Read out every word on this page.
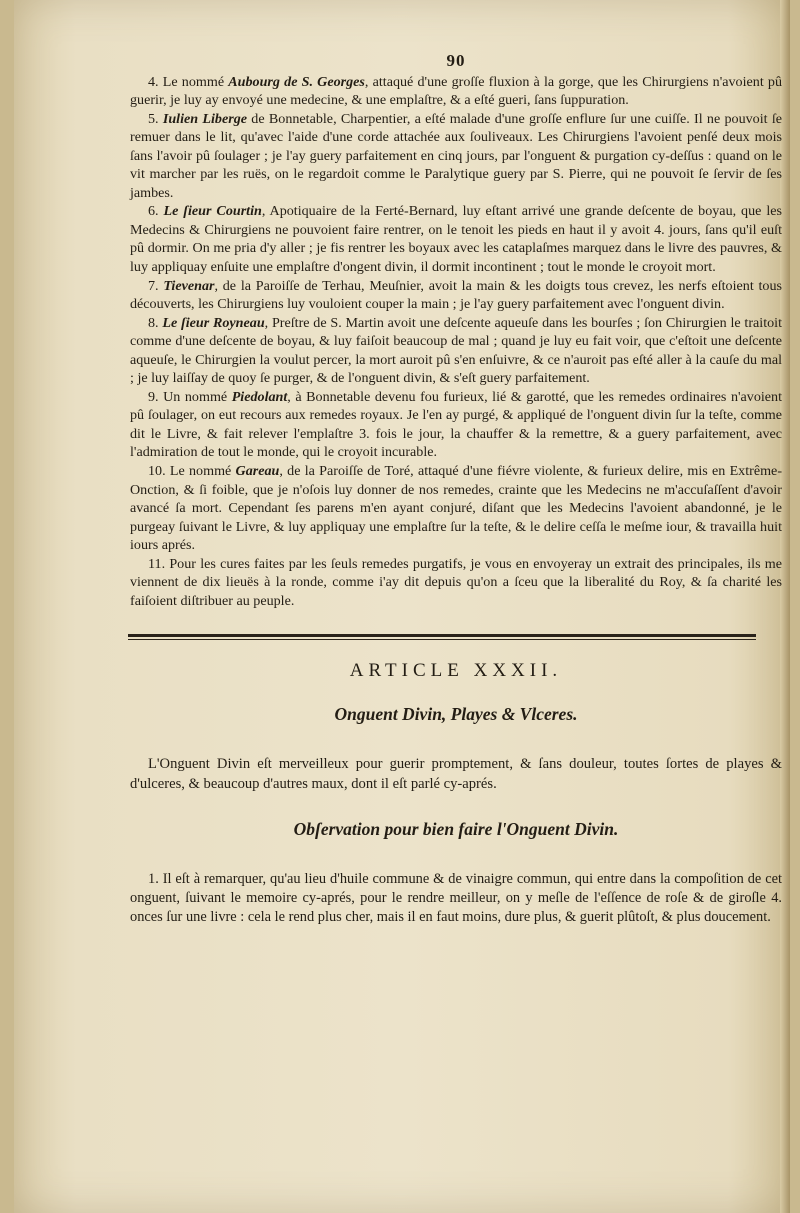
90

4. Le nommé Aubourg de S. Georges, attaqué d'une groſſe fluxion à la gorge, que les Chirurgiens n'avoient pû guerir, je luy ay envoyé une medecine, & une emplaſtre, & a eſté gueri, ſans ſuppuration.

5. Iulien Liberge de Bonnetable, Charpentier, a eſté malade d'une groſſe enflure ſur une cuiſſe. Il ne pouvoit ſe remuer dans le lit, qu'avec l'aide d'une corde attachée aux ſouliveaux. Les Chirurgiens l'avoient penſé deux mois ſans l'avoir pû ſoulager ; je l'ay guery parfaitement en cinq jours, par l'onguent & purgation cy-deſſus : quand on le vit marcher par les ruës, on le regardoit comme le Paralytique guery par S. Pierre, qui ne pouvoit ſe ſervir de ſes jambes.

6. Le ſieur Courtin, Apotiquaire de la Ferté-Bernard, luy eſtant arrivé une grande deſcente de boyau, que les Medecins & Chirurgiens ne pouvoient faire rentrer, on le tenoit les pieds en haut il y avoit 4. jours, ſans qu'il euſt pû dormir. On me pria d'y aller ; je fis rentrer les boyaux avec les cataplaſmes marquez dans le livre des pauvres, & luy appliquay enſuite une emplaſtre d'ongent divin, il dormit incontinent ; tout le monde le croyoit mort.

7. Tievenar, de la Paroiſſe de Terhau, Meuſnier, avoit la main & les doigts tous crevez, les nerfs eſtoient tous découverts, les Chirurgiens luy vouloient couper la main ; je l'ay guery parfaitement avec l'onguent divin.

8. Le ſieur Royneau, Preſtre de S. Martin avoit une deſcente aqueuſe dans les bourſes ; ſon Chirurgien le traitoit comme d'une deſcente de boyau, & luy faiſoit beaucoup de mal ; quand je luy eu fait voir, que c'eſtoit une deſcente aqueuſe, le Chirurgien la voulut percer, la mort auroit pû s'en enſuivre, & ce n'auroit pas eſté aller à la cauſe du mal ; je luy laiſſay de quoy ſe purger, & de l'onguent divin, & s'eſt guery parfaitement.

9. Un nommé Piedolant, à Bonnetable devenu fou furieux, lié & garotté, que les remedes ordinaires n'avoient pû ſoulager, on eut recours aux remedes royaux. Je l'en ay purgé, & appliqué de l'onguent divin ſur la teſte, comme dit le Livre, & fait relever l'emplaſtre 3. fois le jour, la chauffer & la remettre, & a guery parfaitement, avec l'admiration de tout le monde, qui le croyoit incurable.

10. Le nommé Gareau, de la Paroiſſe de Toré, attaqué d'une fiévre violente, & furieux delire, mis en Extrême-Onction, & ſi foible, que je n'oſois luy donner de nos remedes, crainte que les Medecins ne m'accuſaſſent d'avoir avancé ſa mort. Cependant ſes parens m'en ayant conjuré, diſant que les Medecins l'avoient abandonné, je le purgeay ſuivant le Livre, & luy appliquay une emplaſtre ſur la teſte, & le delire ceſſa le meſme iour, & travailla huit iours aprés.

11. Pour les cures faites par les ſeuls remedes purgatifs, je vous en envoyeray un extrait des principales, ils me viennent de dix lieuës à la ronde, comme i'ay dit depuis qu'on a ſceu que la liberalité du Roy, & ſa charité les faiſoient diſtribuer au peuple.

ARTICLE XXXII.
Onguent Divin, Playes & Vlceres.

L'Onguent Divin eſt merveilleux pour guerir promptement, & ſans douleur, toutes ſortes de playes & d'ulceres, & beaucoup d'autres maux, dont il eſt parlé cy-aprés.

Obſervation pour bien faire l'Onguent Divin.

1. Il eſt à remarquer, qu'au lieu d'huile commune & de vinaigre commun, qui entre dans la compoſition de cet onguent, ſuivant le memoire cy-aprés, pour le rendre meilleur, on y meſle de l'eſſence de roſe & de giroſle 4. onces ſur une livre : cela le rend plus cher, mais il en faut moins, dure plus, & guerit plûtoſt, & plus doucement.
